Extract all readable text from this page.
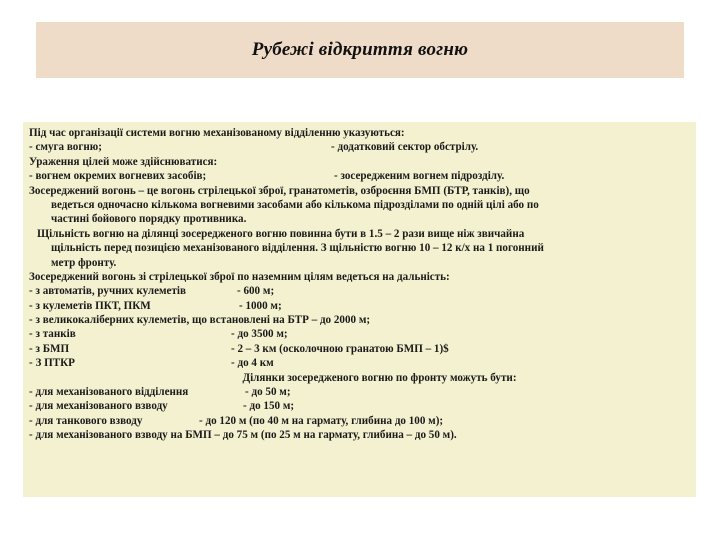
Рубежі відкриття вогню
Під час організації системи вогню механізованому відділенню указуються:
- смуга вогню;	- додатковий сектор обстрілу.
Ураження цілей може здійснюватися:
- вогнем окремих вогневих засобів;	- зосередженим вогнем підрозділу.
Зосереджений вогонь – це вогонь стрілецької зброї, гранатометів, озброєння БМП (БТР, танків), що
ведеться одночасно кількома вогневими засобами або кількома підрозділами по одній цілі або по
частині бойового порядку противника.
Щільність вогню на ділянці зосередженого вогню повинна бути в 1.5 – 2 рази вище ніж звичайна
щільність перед позицією механізованого відділення. З щільністю вогню 10 – 12 к/х на 1 погонний
метр фронту.
Зосереджений вогонь зі стрілецької зброї по наземним цілям ведеться на дальність:
- з автоматів, ручних кулеметів	- 600 м;
- з кулеметів ПКТ, ПКМ	- 1000 м;
- з великокаліберних кулеметів, що встановлені на БТР – до 2000 м;
- з танків	- до 3500 м;
- з БМП	- 2 – 3 км (осколочною гранатою БМП – 1)$
- З ПТКР	- до 4 км
Ділянки зосередженого вогню по фронту можуть бути:
- для механізованого відділення	- до 50 м;
- для механізованого взводу	- до 150 м;
- для танкового взводу	- до 120 м (по 40 м на гармату, глибина до 100 м);
- для механізованого взводу на БМП – до 75 м (по 25 м на гармату, глибина – до 50 м).
